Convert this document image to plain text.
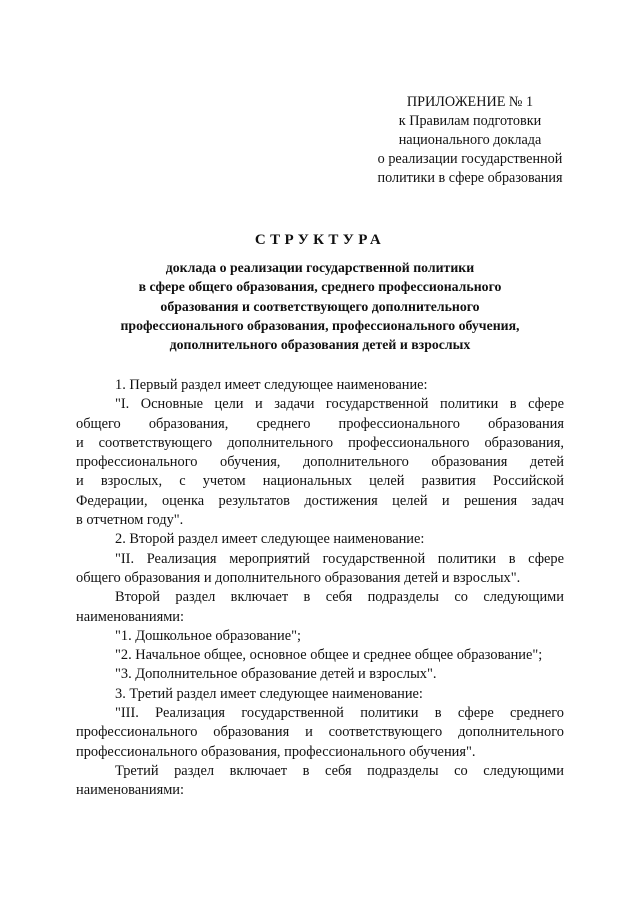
ПРИЛОЖЕНИЕ № 1
к Правилам подготовки
национального доклада
о реализации государственной
политики в сфере образования
СТРУКТУРА
доклада о реализации государственной политики
в сфере общего образования, среднего профессионального
образования и соответствующего дополнительного
профессионального образования, профессионального обучения,
дополнительного образования детей и взрослых
1. Первый раздел имеет следующее наименование:
"I. Основные цели и задачи государственной политики в сфере
общего образования, среднего профессионального образования
и соответствующего дополнительного профессионального образования,
профессионального обучения, дополнительного образования детей
и взрослых, с учетом национальных целей развития Российской
Федерации, оценка результатов достижения целей и решения задач
в отчетном году".
2. Второй раздел имеет следующее наименование:
"II. Реализация мероприятий государственной политики в сфере
общего образования и дополнительного образования детей и взрослых".
Второй раздел включает в себя подразделы со следующими
наименованиями:
"1. Дошкольное образование";
"2. Начальное общее, основное общее и среднее общее образование";
"3. Дополнительное образование детей и взрослых".
3. Третий раздел имеет следующее наименование:
"III. Реализация государственной политики в сфере среднего
профессионального образования и соответствующего дополнительного
профессионального образования, профессионального обучения".
Третий раздел включает в себя подразделы со следующими
наименованиями:
